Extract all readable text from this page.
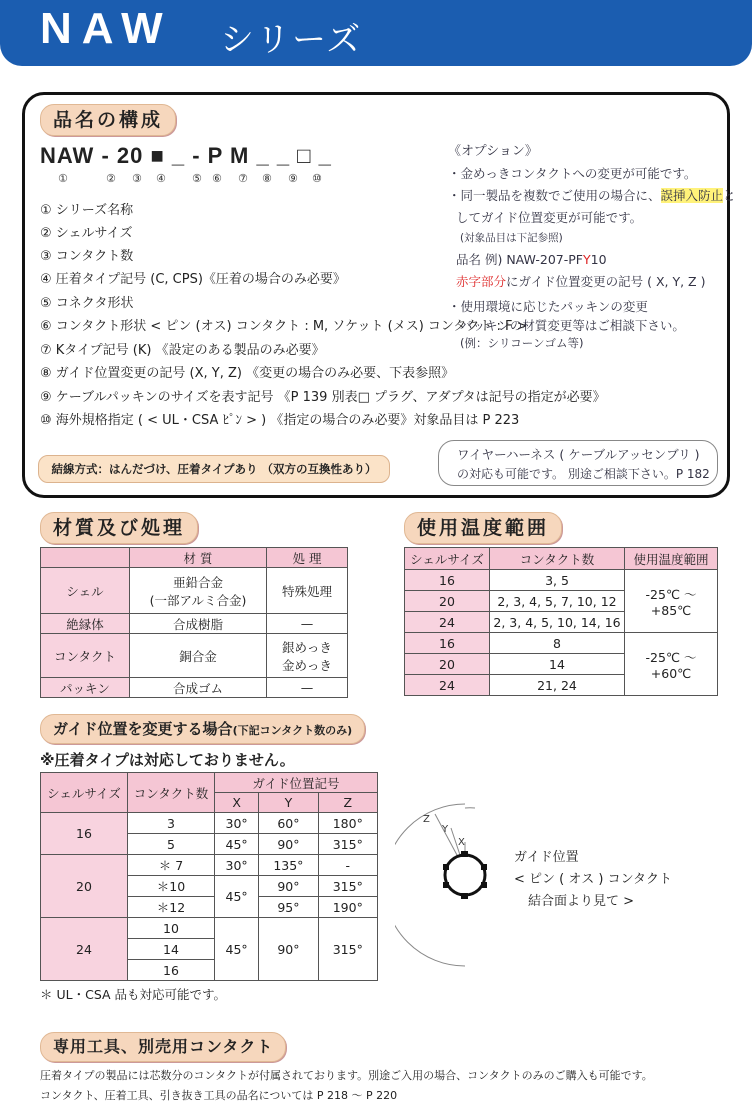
NAW シリーズ
品名の構成
NAW - 20 ■ _ - P M _ _ □ _
①	② ③ ④ ⑤ ⑥ ⑦ ⑧ ⑨ ⑩
① シリーズ名称
② シェルサイズ
③ コンタクト数
④ 圧着タイプ記号 (C, CPS)《圧着の場合のみ必要》
⑤ コネクタ形状
⑥ コンタクト形状 < ピン (オス) コンタクト : M, ソケット (メス) コンタクト : F >
⑦ Kタイプ記号 (K) 《設定のある製品のみ必要》
⑧ ガイド位置変更の記号 (X, Y, Z) 《変更の場合のみ必要、下表参照》
⑨ ケーブルパッキンのサイズを表す記号 《P 139 別表□ プラグ、アダプタは記号の指定が必要》
⑩ 海外規格指定 ( < UL・CSA ﾋﾟﾝ > ) 《指定の場合のみ必要》対象品目は P 223
《オプション》
・金めっきコンタクトへの変更が可能です。
・同一製品を複数でご使用の場合に、誤挿入防止と
してガイド位置変更が可能です。
(対象品目は下記参照)
品名 例) NAW-207-PFY10
赤字部分にガイド位置変更の記号 ( X, Y, Z )
・使用環境に応じたパッキンの変更
パッキンの材質変更等はご相談下さい。
(例：シリコーンゴム等)
ワイヤーハーネス ( ケーブルアッセンブリ )
の対応も可能です。 別途ご相談下さい。P 182
結線方式：はんだづけ、圧着タイプあり （双方の互換性あり）
材質及び処理
	材 質	処 理
シェル	亜鉛合金
(一部アルミ合金)	特殊処理
絶縁体	合成樹脂	—
コンタクト	銅合金	銀めっき
金めっき

パッキン	合成ゴム	—
使用温度範囲
シェルサイズ	コンタクト数	使用温度範囲
16	3, 5	-25℃ ～ +85℃
20	2, 3, 4, 5, 7, 10, 12	
24	2, 3, 4, 5, 10, 14, 16	
16	8	-25℃ ～ +60℃
20	14	
24	21, 24	
ガイド位置を変更する場合(下記コンタクト数のみ)
※圧着タイプは対応しておりません。
シェルサイズ	コンタクト数	ガイド位置記号		
		X	Y	Z
16	3	30°	60°	180°
	5	45°	90°	315°
20	＊ 7	30°	135°	-
	＊10	45°	90°	315°
	＊12		95°	190°
24	10	45°	90°	315°
	14			
	16			
＊ UL・CSA 品も対応可能です。
Z
Y
X
ガイド位置
< ピン ( オス ) コンタクト
結合面より見て >
専用工具、別売用コンタクト
圧着タイプの製品には芯数分のコンタクトが付属されております。別途ご入用の場合、コンタクトのみのご購入も可能です。
コンタクト、圧着工具、引き抜き工具の品名については P 218 ～ P 220
